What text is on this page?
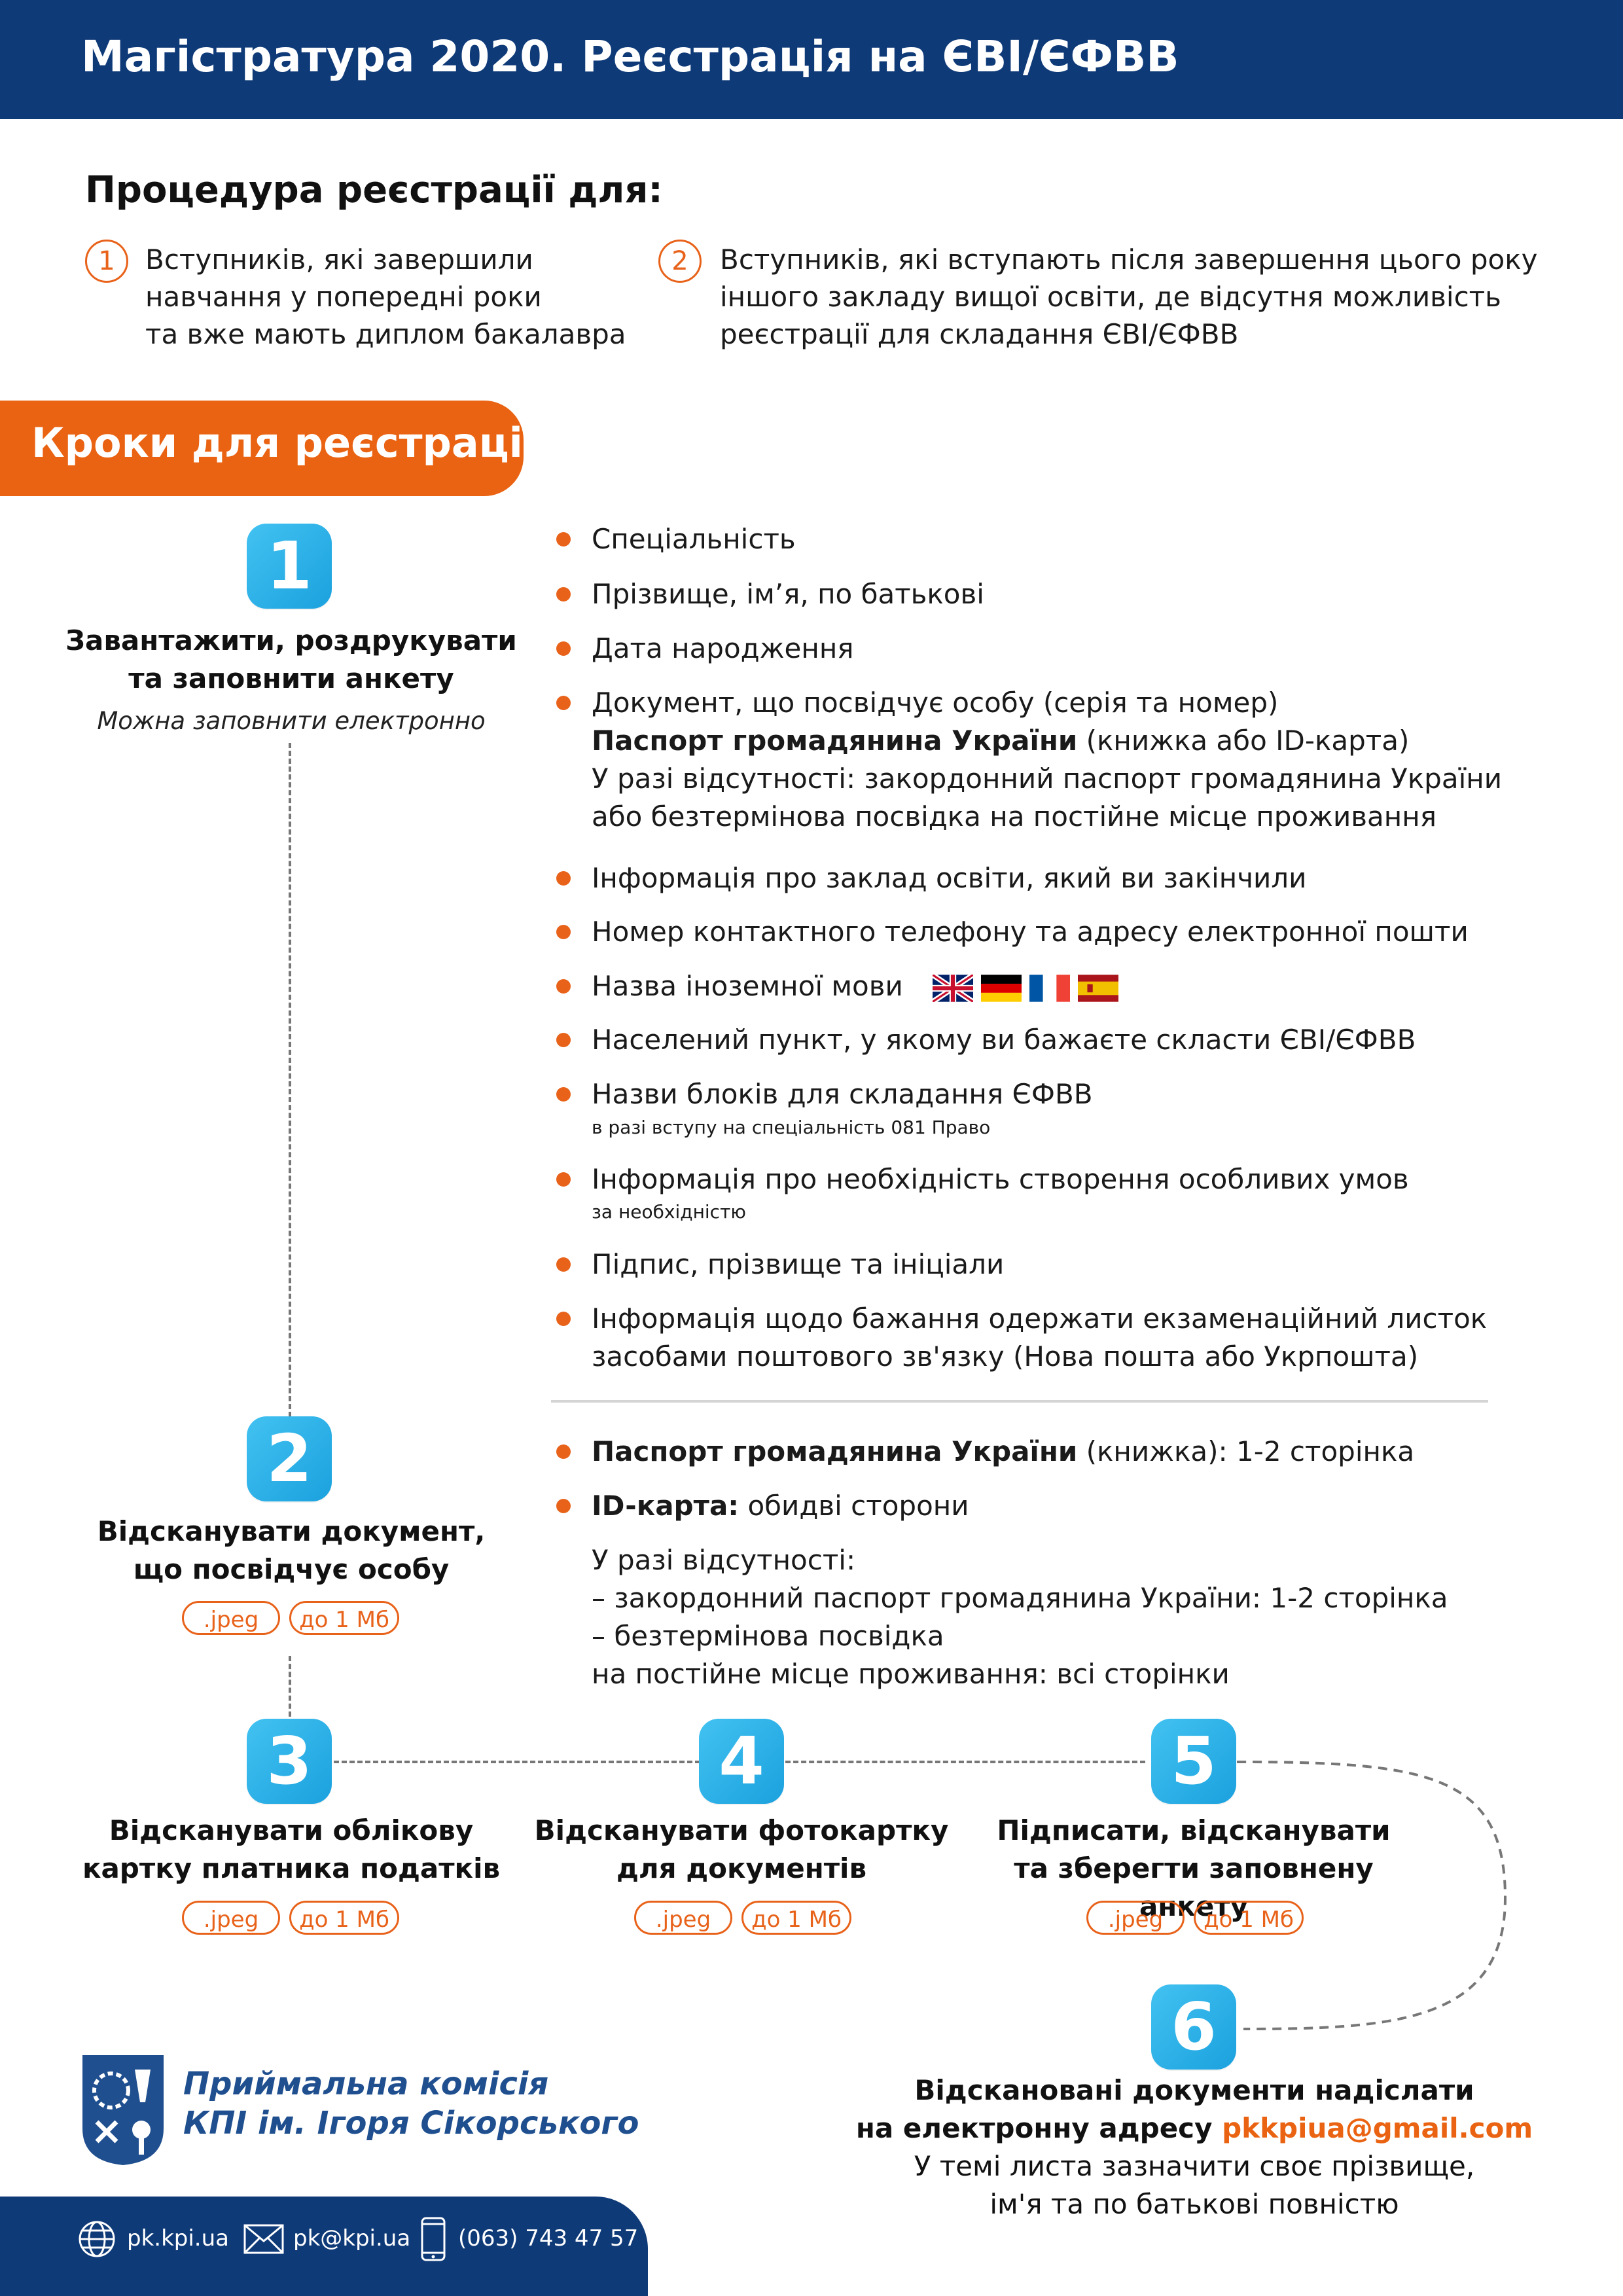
Магістратура 2020. Реєстрація на ЄВІ/ЄФВВ
Процедура реєстрації для:
1	Вступників, які завершили
навчання у попередні роки
та вже мають диплом бакалавра
2	Вступників, які вступають після завершення цього року
іншого закладу вищої освіти, де відсутня можливість
реєстрації для складання ЄВІ/ЄФВВ
Кроки для реєстрації
1
Завантажити, роздрукувати
та заповнити анкету
Можна заповнити електронно
Спеціальність
Прізвище, ім’я, по батькові
Дата народження
Документ, що посвідчує особу (серія та номер)
Паспорт громадянина України (книжка або ID-карта)
У разі відсутності: закордонний паспорт громадянина України
або безтермінова посвідка на постійне місце проживання
Інформація про заклад освіти, який ви закінчили
Номер контактного телефону та адресу електронної пошти
Назва іноземної мови
Населений пункт, у якому ви бажаєте скласти ЄВІ/ЄФВВ
Назви блоків для складання ЄФВВ
в разі вступу на спеціальність 081 Право
Інформація про необхідність створення особливих умов
за необхідністю
Підпис, прізвище та ініціали
Інформація щодо бажання одержати екзаменаційний листок
засобами поштового зв'язку (Нова пошта або Укрпошта)
2
Відсканувати документ,
що посвідчує особу
.jpeg	до 1 Мб
Паспорт громадянина України (книжка): 1-2 сторінка
ID-карта: обидві сторони
У разі відсутності:
– закордонний паспорт громадянина України: 1-2 сторінка
– безтермінова посвідка
на постійне місце проживання: всі сторінки
3
Відсканувати облікову
картку платника податків
.jpeg	до 1 Мб
4
Відсканувати фотокартку
для документів
.jpeg	до 1 Мб
5
Підписати, відсканувати
та зберегти заповнену анкету
.jpeg	до 1 Мб
6
Відскановані документи надіслати
на електронну адресу pkkpiua@gmail.com
У темі листа зазначити своє прізвище,
ім'я та по батькові повністю
Приймальна комісія
КПІ ім. Ігоря Сікорського
pk.kpi.ua	pk@kpi.ua (063) 743 47 57
